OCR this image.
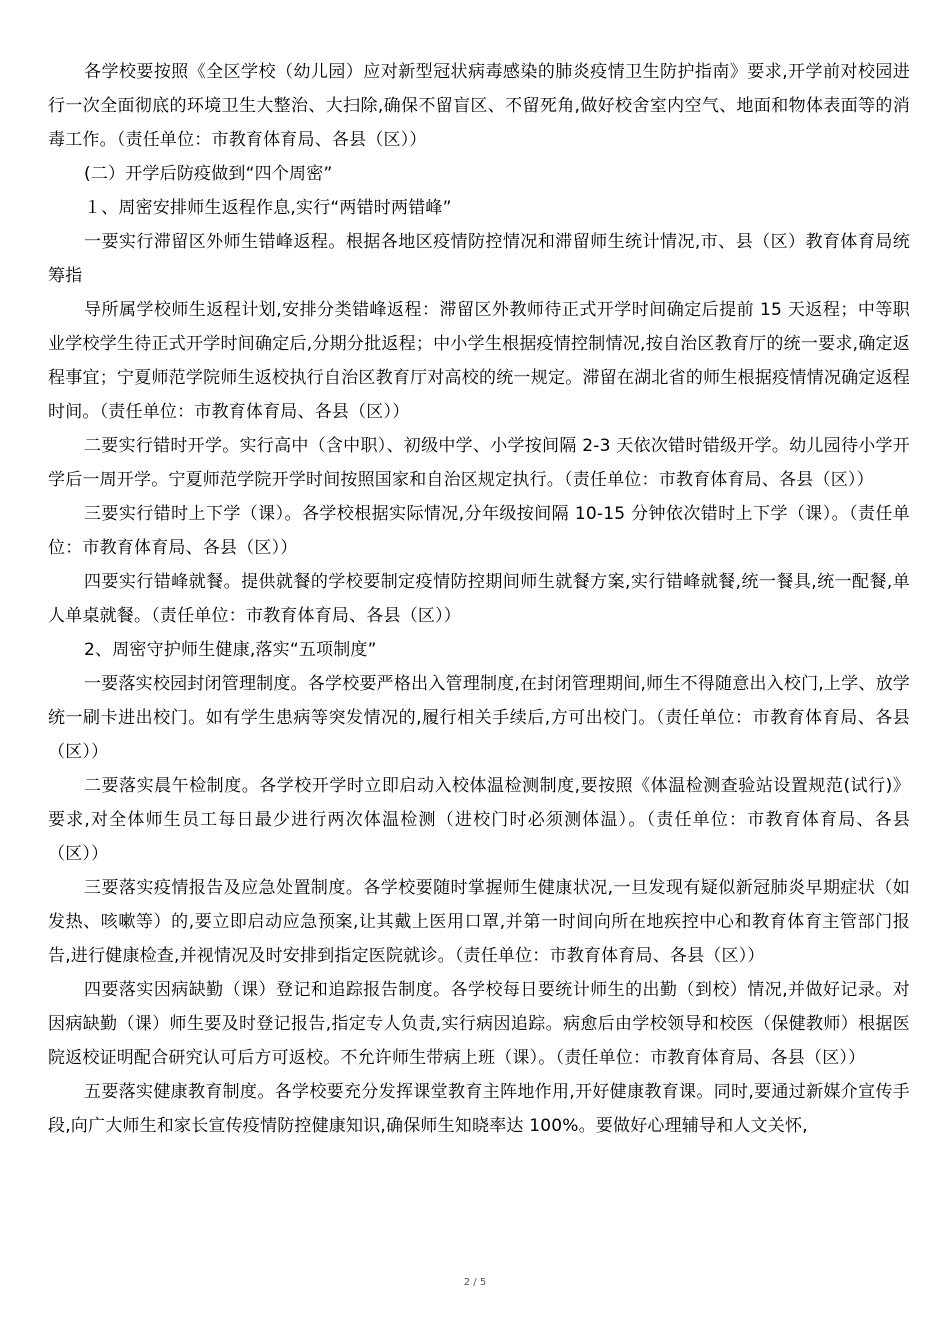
各学校要按照《全区学校（幼儿园）应对新型冠状病毒感染的肺炎疫情卫生防护指南》要求,开学前对校园进行一次全面彻底的环境卫生大整治、大扫除,确保不留盲区、不留死角,做好校舍室内空气、地面和物体表面等的消毒工作。（责任单位：市教育体育局、各县（区））

(二）开学后防疫做到“四个周密”

１、周密安排师生返程作息,实行“两错时两错峰”

一要实行滞留区外师生错峰返程。根据各地区疫情防控情况和滞留师生统计情况,市、县（区）教育体育局统筹指

导所属学校师生返程计划,安排分类错峰返程：滞留区外教师待正式开学时间确定后提前 15 天返程；中等职业学校学生待正式开学时间确定后,分期分批返程；中小学生根据疫情控制情况,按自治区教育厅的统一要求,确定返程事宜；宁夏师范学院师生返校执行自治区教育厅对高校的统一规定。滞留在湖北省的师生根据疫情情况确定返程时间。（责任单位：市教育体育局、各县（区））

二要实行错时开学。实行高中（含中职）、初级中学、小学按间隔 2-3 天依次错时错级开学。幼儿园待小学开学后一周开学。宁夏师范学院开学时间按照国家和自治区规定执行。（责任单位：市教育体育局、各县（区））

三要实行错时上下学（课）。各学校根据实际情况,分年级按间隔 10-15 分钟依次错时上下学（课）。（责任单位：市教育体育局、各县（区））

四要实行错峰就餐。提供就餐的学校要制定疫情防控期间师生就餐方案,实行错峰就餐,统一餐具,统一配餐,单人单桌就餐。（责任单位：市教育体育局、各县（区））

2、周密守护师生健康,落实“五项制度”

一要落实校园封闭管理制度。各学校要严格出入管理制度,在封闭管理期间,师生不得随意出入校门,上学、放学统一刷卡进出校门。如有学生患病等突发情况的,履行相关手续后,方可出校门。（责任单位：市教育体育局、各县（区））

二要落实晨午检制度。各学校开学时立即启动入校体温检测制度,要按照《体温检测查验站设置规范(试行)》要求,对全体师生员工每日最少进行两次体温检测（进校门时必须测体温）。（责任单位：市教育体育局、各县（区））

三要落实疫情报告及应急处置制度。各学校要随时掌握师生健康状况,一旦发现有疑似新冠肺炎早期症状（如发热、咳嗽等）的,要立即启动应急预案,让其戴上医用口罩,并第一时间向所在地疾控中心和教育体育主管部门报告,进行健康检查,并视情况及时安排到指定医院就诊。（责任单位：市教育体育局、各县（区））

四要落实因病缺勤（课）登记和追踪报告制度。各学校每日要统计师生的出勤（到校）情况,并做好记录。对因病缺勤（课）师生要及时登记报告,指定专人负责,实行病因追踪。病愈后由学校领导和校医（保健教师）根据医院返校证明配合研究认可后方可返校。不允许师生带病上班（课）。（责任单位：市教育体育局、各县（区））

五要落实健康教育制度。各学校要充分发挥课堂教育主阵地作用,开好健康教育课。同时,要通过新媒介宣传手段,向广大师生和家长宣传疫情防控健康知识,确保师生知晓率达 100%。要做好心理辅导和人文关怀,

2 / 5
